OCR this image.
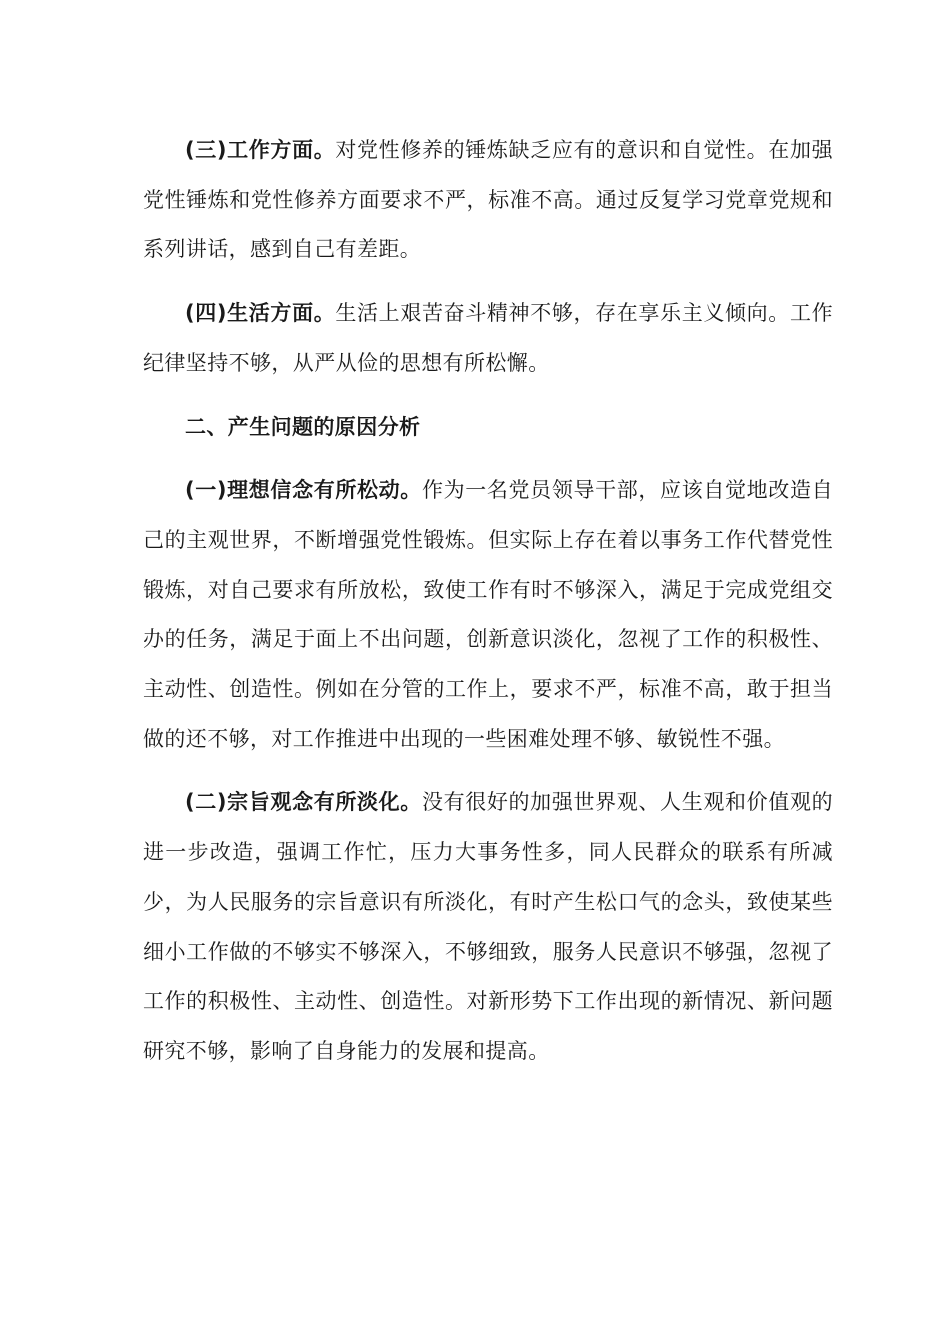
(三)工作方面。对党性修养的锤炼缺乏应有的意识和自觉性。在加强党性锤炼和党性修养方面要求不严，标准不高。通过反复学习党章党规和系列讲话，感到自己有差距。

(四)生活方面。生活上艰苦奋斗精神不够，存在享乐主义倾向。工作纪律坚持不够，从严从俭的思想有所松懈。

二、产生问题的原因分析

(一)理想信念有所松动。作为一名党员领导干部，应该自觉地改造自己的主观世界，不断增强党性锻炼。但实际上存在着以事务工作代替党性锻炼，对自己要求有所放松，致使工作有时不够深入，满足于完成党组交办的任务，满足于面上不出问题，创新意识淡化，忽视了工作的积极性、主动性、创造性。例如在分管的工作上，要求不严，标准不高，敢于担当做的还不够，对工作推进中出现的一些困难处理不够、敏锐性不强。

(二)宗旨观念有所淡化。没有很好的加强世界观、人生观和价值观的进一步改造，强调工作忙，压力大事务性多，同人民群众的联系有所减少，为人民服务的宗旨意识有所淡化，有时产生松口气的念头，致使某些细小工作做的不够实不够深入，不够细致，服务人民意识不够强，忽视了工作的积极性、主动性、创造性。对新形势下工作出现的新情况、新问题研究不够，影响了自身能力的发展和提高。
